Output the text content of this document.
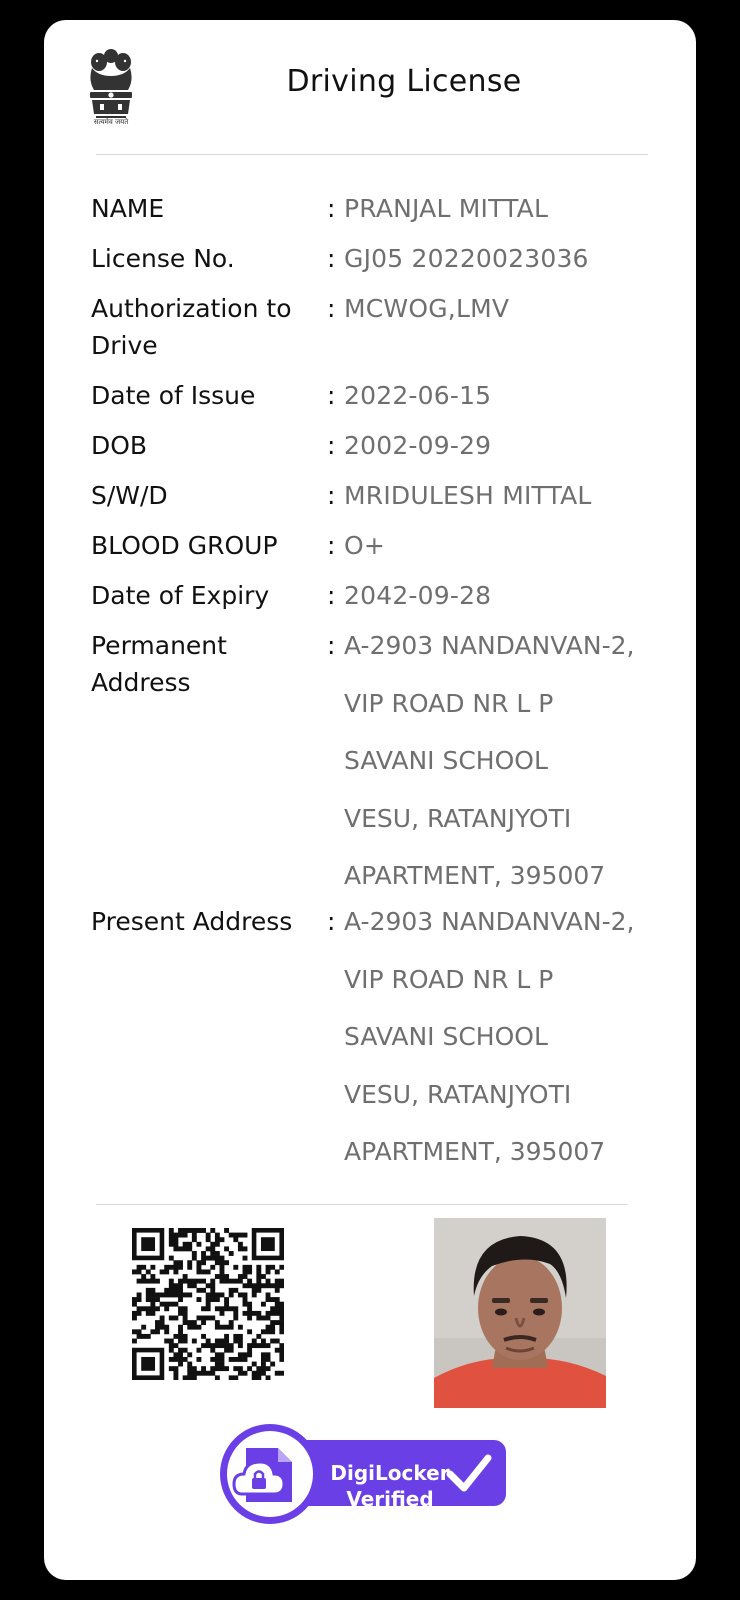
सत्यमेव जयते
Driving License
NAME	: PRANJAL MITTAL
License No.	: GJ05 20220023036
Authorization to Drive
: MCWOG,LMV
Date of Issue	: 2022-06-15
DOB	: 2002-09-29
S/W/D	: MRIDULESH MITTAL
BLOOD GROUP	: O+
Date of Expiry	: 2042-09-28
Permanent Address
: A-2903 NANDANVAN-2,
VIP ROAD NR L P
SAVANI SCHOOL
VESU, RATANJYOTI
APARTMENT, 395007
Present Address	: A-2903 NANDANVAN-2,
VIP ROAD NR L P
SAVANI SCHOOL
VESU, RATANJYOTI
APARTMENT, 395007
DigiLocker
Verified
